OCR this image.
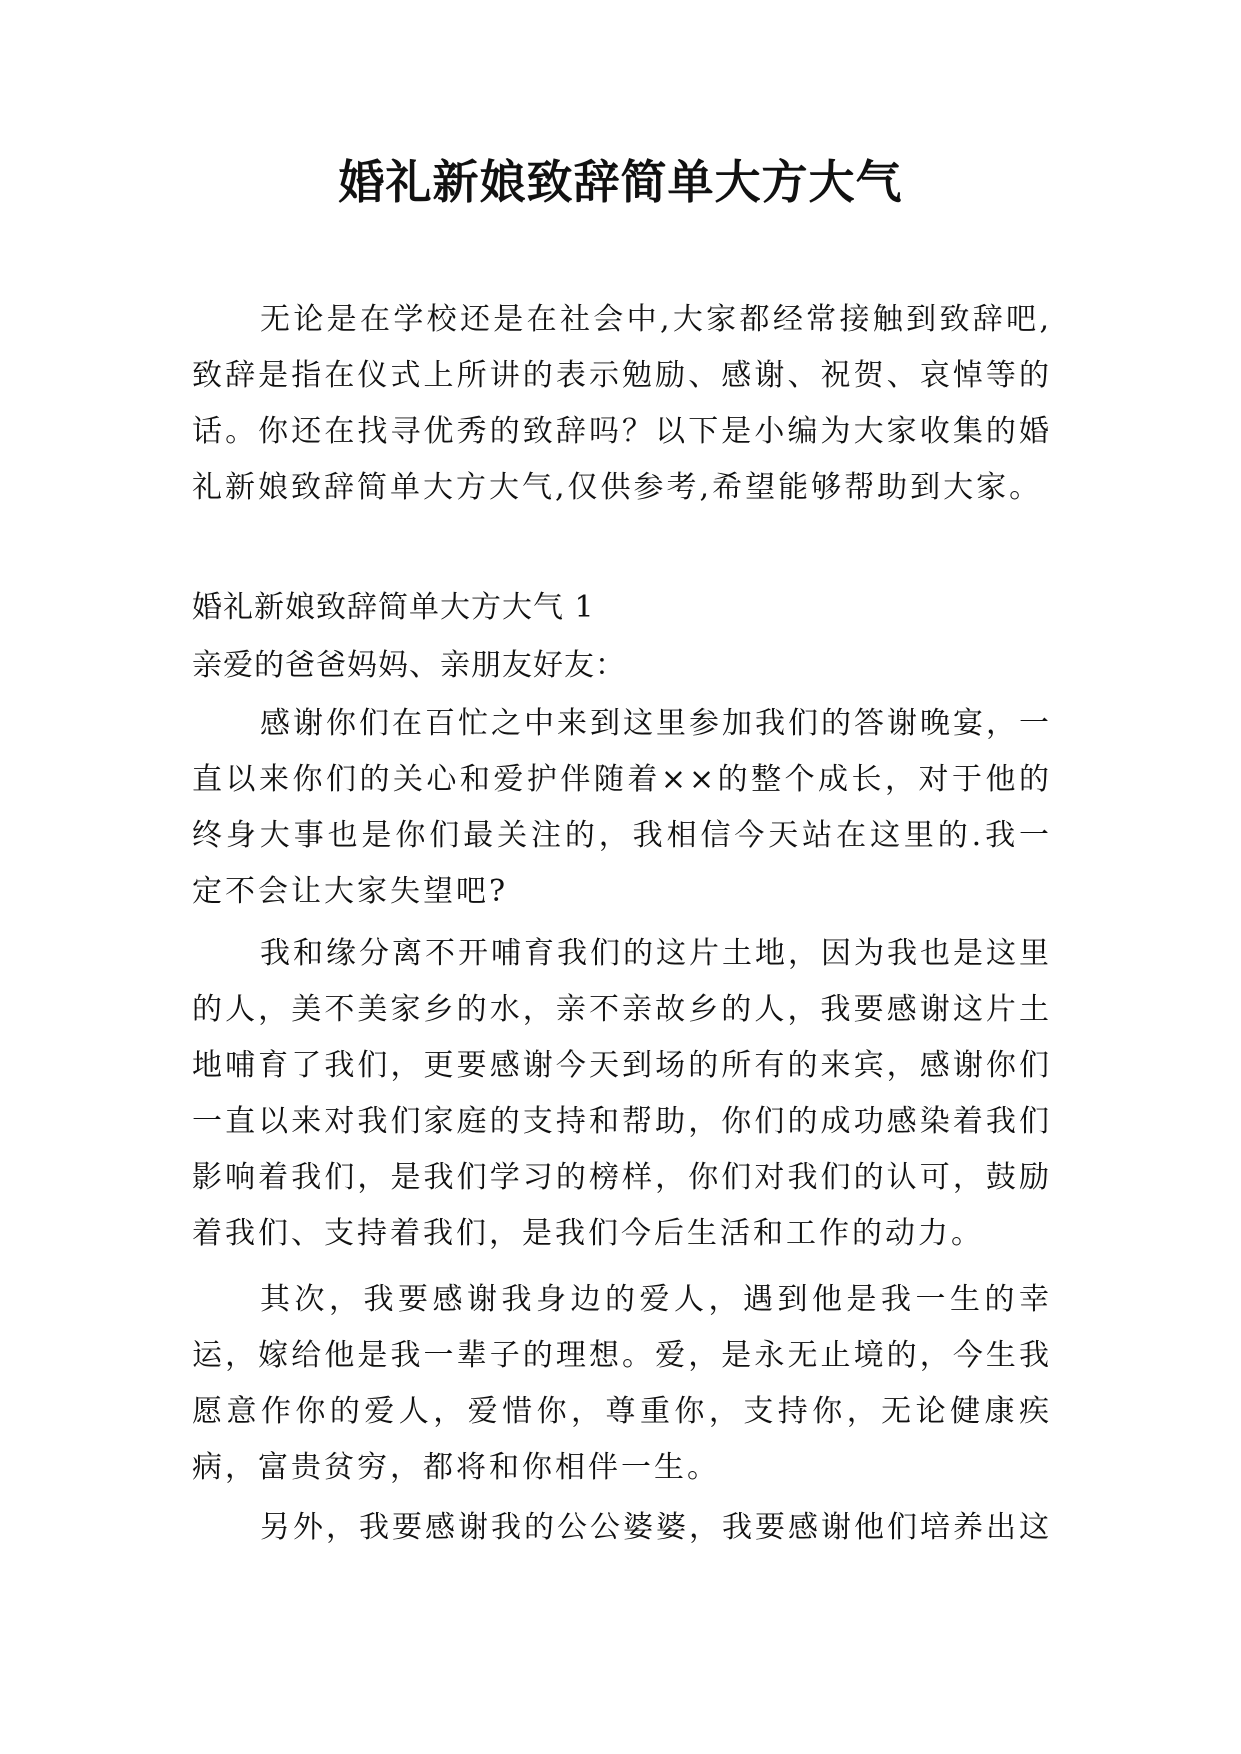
婚礼新娘致辞简单大方大气

无论是在学校还是在社会中,大家都经常接触到致辞吧,致辞是指在仪式上所讲的表示勉励、感谢、祝贺、哀悼等的话。你还在找寻优秀的致辞吗？以下是小编为大家收集的婚礼新娘致辞简单大方大气,仅供参考,希望能够帮助到大家。

婚礼新娘致辞简单大方大气 1

亲爱的爸爸妈妈、亲朋友好友：

感谢你们在百忙之中来到这里参加我们的答谢晚宴，一直以来你们的关心和爱护伴随着××的整个成长，对于他的终身大事也是你们最关注的，我相信今天站在这里的.我一定不会让大家失望吧?

我和缘分离不开哺育我们的这片土地，因为我也是这里的人，美不美家乡的水，亲不亲故乡的人，我要感谢这片土地哺育了我们，更要感谢今天到场的所有的来宾，感谢你们一直以来对我们家庭的支持和帮助，你们的成功感染着我们影响着我们，是我们学习的榜样，你们对我们的认可，鼓励着我们、支持着我们，是我们今后生活和工作的动力。

其次，我要感谢我身边的爱人，遇到他是我一生的幸运，嫁给他是我一辈子的理想。爱，是永无止境的，今生我愿意作你的爱人，爱惜你，尊重你，支持你，无论健康疾病，富贵贫穷，都将和你相伴一生。

另外，我要感谢我的公公婆婆，我要感谢他们培养出这
